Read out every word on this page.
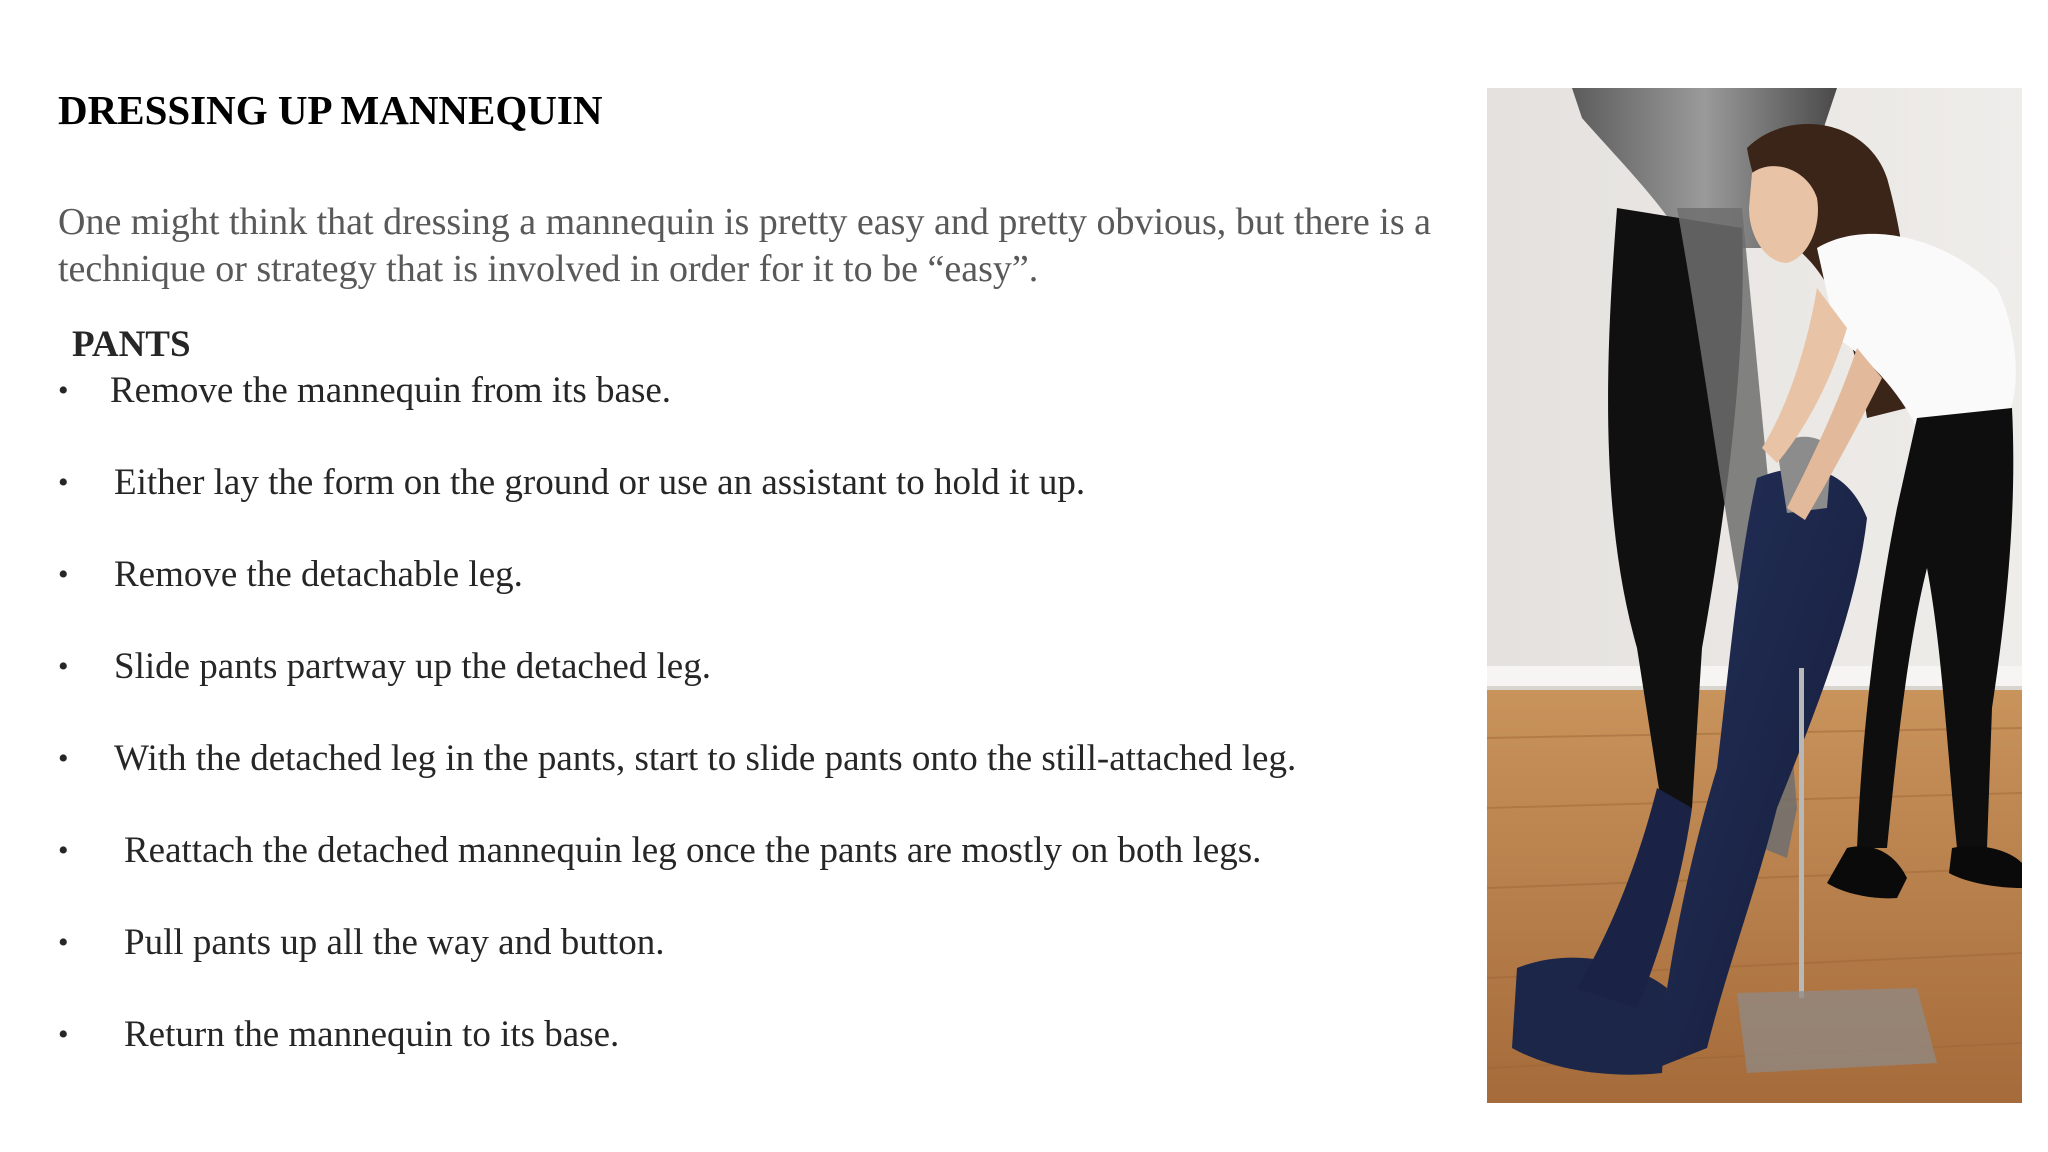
DRESSING UP MANNEQUIN

One might think that dressing a mannequin is pretty easy and pretty obvious, but there is a technique or strategy that is involved in order for it to be “easy”.

PANTS
• Remove the mannequin from its base.
• Either lay the form on the ground or use an assistant to hold it up.
• Remove the detachable leg.
• Slide pants partway up the detached leg.
• With the detached leg in the pants, start to slide pants onto the still-attached leg.
• Reattach the detached mannequin leg once the pants are mostly on both legs.
• Pull pants up all the way and button.
• Return the mannequin to its base.
